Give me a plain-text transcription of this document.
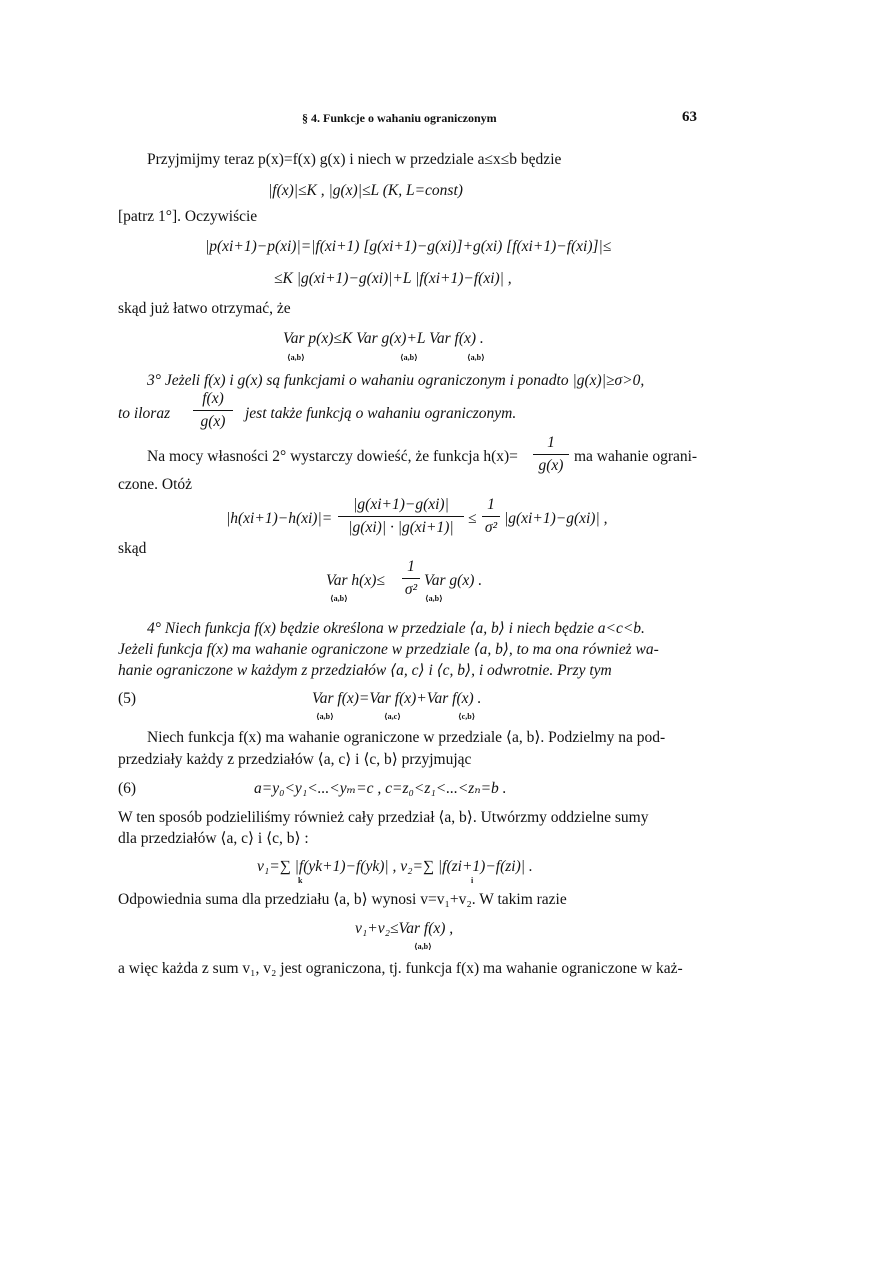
§ 4. Funkcje o wahaniu ograniczonym	63
Przyjmijmy teraz p(x)=f(x) g(x) i niech w przedziale a≤x≤b będzie
|f(x)|≤K , |g(x)|≤L (K, L=const)
[patrz 1°]. Oczywiście
|p(xi+1)−p(xi)|=|f(xi+1) [g(xi+1)−g(xi)]+g(xi) [f(xi+1)−f(xi)]|≤
≤K |g(xi+1)−g(xi)|+L |f(xi+1)−f(xi)| ,
skąd już łatwo otrzymać, że
Var p(x)≤K Var g(x)+L Var f(x) .
⟨a,b⟩	⟨a,b⟩	⟨a,b⟩
3° Jeżeli f(x) i g(x) są funkcjami o wahaniu ograniczonym i ponadto |g(x)|≥σ>0,
to iloraz
f(x)
g(x)	jest także funkcją o wahaniu ograniczonym.
Na mocy własności 2° wystarczy dowieść, że funkcja h(x)=
1
g(x)
ma wahanie ograni-
czone. Otóż
|h(xi+1)−h(xi)|=
|g(xi+1)−g(xi)|
|g(xi)| · |g(xi+1)|
≤
1
σ²
|g(xi+1)−g(xi)| ,
skąd
Var h(x)≤
1
σ²
Var g(x) .
⟨a,b⟩	⟨a,b⟩
4° Niech funkcja f(x) będzie określona w przedziale ⟨a, b⟩ i niech będzie a<c<b.
Jeżeli funkcja f(x) ma wahanie ograniczone w przedziale ⟨a, b⟩, to ma ona również wa-
hanie ograniczone w każdym z przedziałów ⟨a, c⟩ i ⟨c, b⟩, i odwrotnie. Przy tym
(5)	Var f(x)=Var f(x)+Var f(x) .
⟨a,b⟩	⟨a,c⟩	⟨c,b⟩
Niech funkcja f(x) ma wahanie ograniczone w przedziale ⟨a, b⟩. Podzielmy na pod-
przedziały każdy z przedziałów ⟨a, c⟩ i ⟨c, b⟩ przyjmując
(6)	a=y₀<y₁<...<yₘ=c , c=z₀<z₁<...<zₙ=b .
W ten sposób podzieliliśmy również cały przedział ⟨a, b⟩. Utwórzmy oddzielne sumy
dla przedziałów ⟨a, c⟩ i ⟨c, b⟩ :
v₁=∑ |f(yk+1)−f(yk)| , v₂=∑ |f(zi+1)−f(zi)| .
k	i
Odpowiednia suma dla przedziału ⟨a, b⟩ wynosi v=v₁+v₂. W takim razie
v₁+v₂≤Var f(x) ,
⟨a,b⟩
a więc każda z sum v₁, v₂ jest ograniczona, tj. funkcja f(x) ma wahanie ograniczone w każ-
